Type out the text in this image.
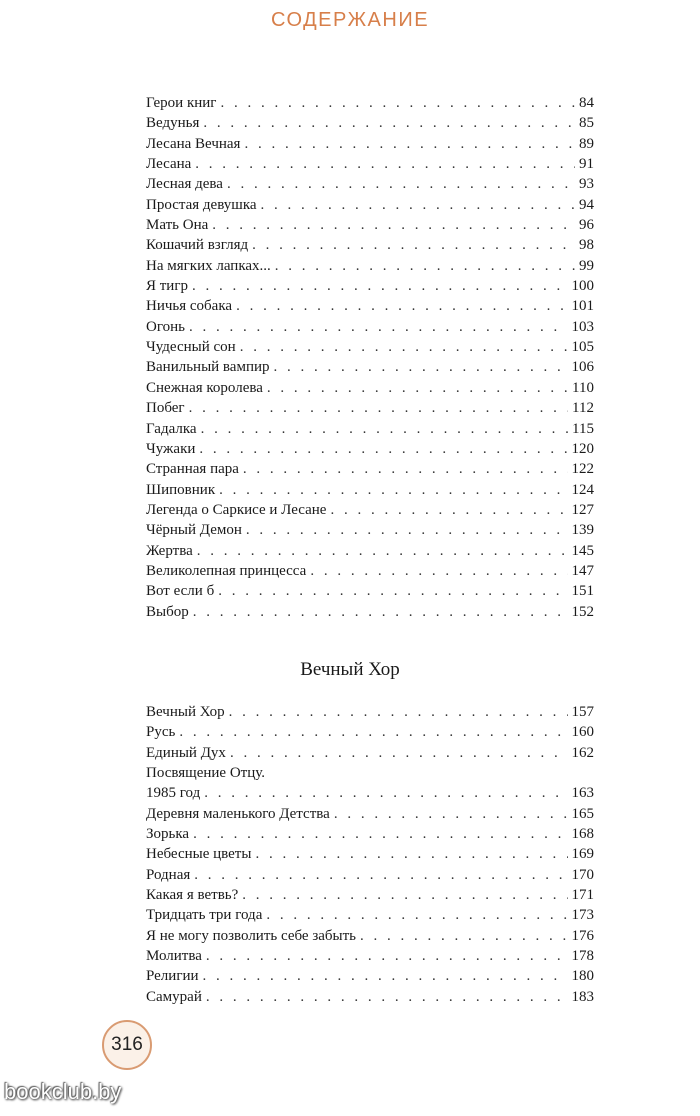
СОДЕРЖАНИЕ
Герои книг . . .	84
Ведунья . . .	85
Лесана Вечная . . .	89
Лесана . . .	91
Лесная дева . . .	93
Простая девушка . . .	94
Мать Она . . .	96
Кошачий взгляд . . .	98
На мягких лапках... . . .	99
Я тигр . . .	100
Ничья собака . . .	101
Огонь . . .	103
Чудесный сон . . .	105
Ванильный вампир . . .	106
Снежная королева . . .	110
Побег . . .	112
Гадалка . . .	115
Чужаки . . .	120
Странная пара . . .	122
Шиповник . . .	124
Легенда о Саркисе и Лесане . . .	127
Чёрный Демон . . .	139
Жертва . . .	145
Великолепная принцесса . . .	147
Вот если б . . .	151
Выбор . . .	152
Вечный Хор
Вечный Хор . . .	157
Русь . . .	160
Единый Дух . . .	162
Посвящение Отцу.
1985 год . . .	163
Деревня маленького Детства . . .	165
Зорька . . .	168
Небесные цветы . . .	169
Родная . . .	170
Какая я ветвь? . . .	171
Тридцать три года . . .	173
Я не могу позволить себе забыть . . .	176
Молитва . . .	178
Религии . . .	180
Самурай . . .	183
316
bookclub.by
